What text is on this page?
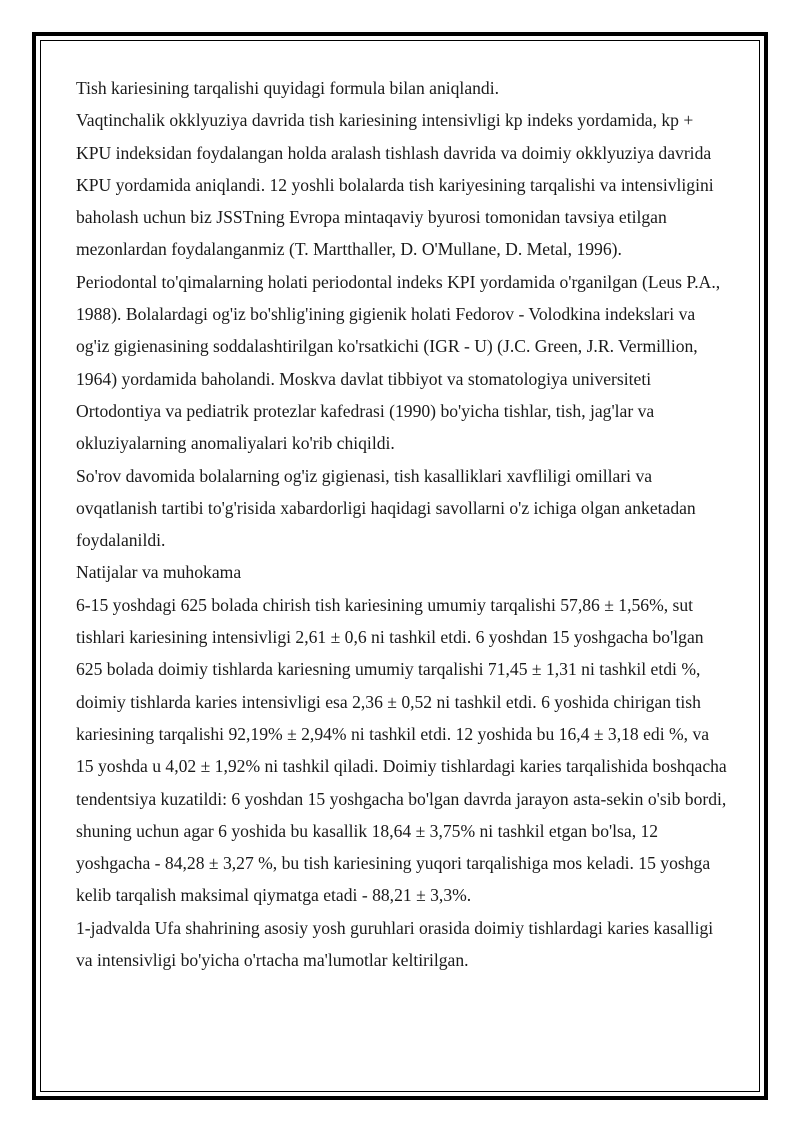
Tish kariesining tarqalishi quyidagi formula bilan aniqlandi.

Vaqtinchalik okklyuziya davrida tish kariesining intensivligi kp indeks yordamida, kp + KPU indeksidan foydalangan holda aralash tishlash davrida va doimiy okklyuziya davrida KPU yordamida aniqlandi. 12 yoshli bolalarda tish kariyesining tarqalishi va intensivligini baholash uchun biz JSSTning Evropa mintaqaviy byurosi tomonidan tavsiya etilgan mezonlardan foydalanganmiz (T. Martthaller, D. O'Mullane, D. Metal, 1996).

Periodontal to'qimalarning holati periodontal indeks KPI yordamida o'rganilgan (Leus P.A., 1988). Bolalardagi og'iz bo'shlig'ining gigienik holati Fedorov - Volodkina indekslari va og'iz gigienasining soddalashtirilgan ko'rsatkichi (IGR - U) (J.C. Green, J.R. Vermillion, 1964) yordamida baholandi. Moskva davlat tibbiyot va stomatologiya universiteti Ortodontiya va pediatrik protezlar kafedrasi (1990) bo'yicha tishlar, tish, jag'lar va okluziyalarning anomaliyalari ko'rib chiqildi.

So'rov davomida bolalarning og'iz gigienasi, tish kasalliklari xavfliligi omillari va ovqatlanish tartibi to'g'risida xabardorligi haqidagi savollarni o'z ichiga olgan anketadan foydalanildi.

Natijalar va muhokama

6-15 yoshdagi 625 bolada chirish tish kariesining umumiy tarqalishi 57,86 ± 1,56%, sut tishlari kariesining intensivligi 2,61 ± 0,6 ni tashkil etdi. 6 yoshdan 15 yoshgacha bo'lgan 625 bolada doimiy tishlarda kariesning umumiy tarqalishi 71,45 ± 1,31 ni tashkil etdi %, doimiy tishlarda karies intensivligi esa 2,36 ± 0,52 ni tashkil etdi. 6 yoshida chirigan tish kariesining tarqalishi 92,19% ± 2,94% ni tashkil etdi. 12 yoshida bu 16,4 ± 3,18 edi %, va 15 yoshda u 4,02 ± 1,92% ni tashkil qiladi. Doimiy tishlardagi karies tarqalishida boshqacha tendentsiya kuzatildi: 6 yoshdan 15 yoshgacha bo'lgan davrda jarayon asta-sekin o'sib bordi, shuning uchun agar 6 yoshida bu kasallik 18,64 ± 3,75% ni tashkil etgan bo'lsa, 12 yoshgacha - 84,28 ± 3,27 %, bu tish kariesining yuqori tarqalishiga mos keladi. 15 yoshga kelib tarqalish maksimal qiymatga etadi - 88,21 ± 3,3%.

1-jadvalda Ufa shahrining asosiy yosh guruhlari orasida doimiy tishlardagi karies kasalligi va intensivligi bo'yicha o'rtacha ma'lumotlar keltirilgan.
